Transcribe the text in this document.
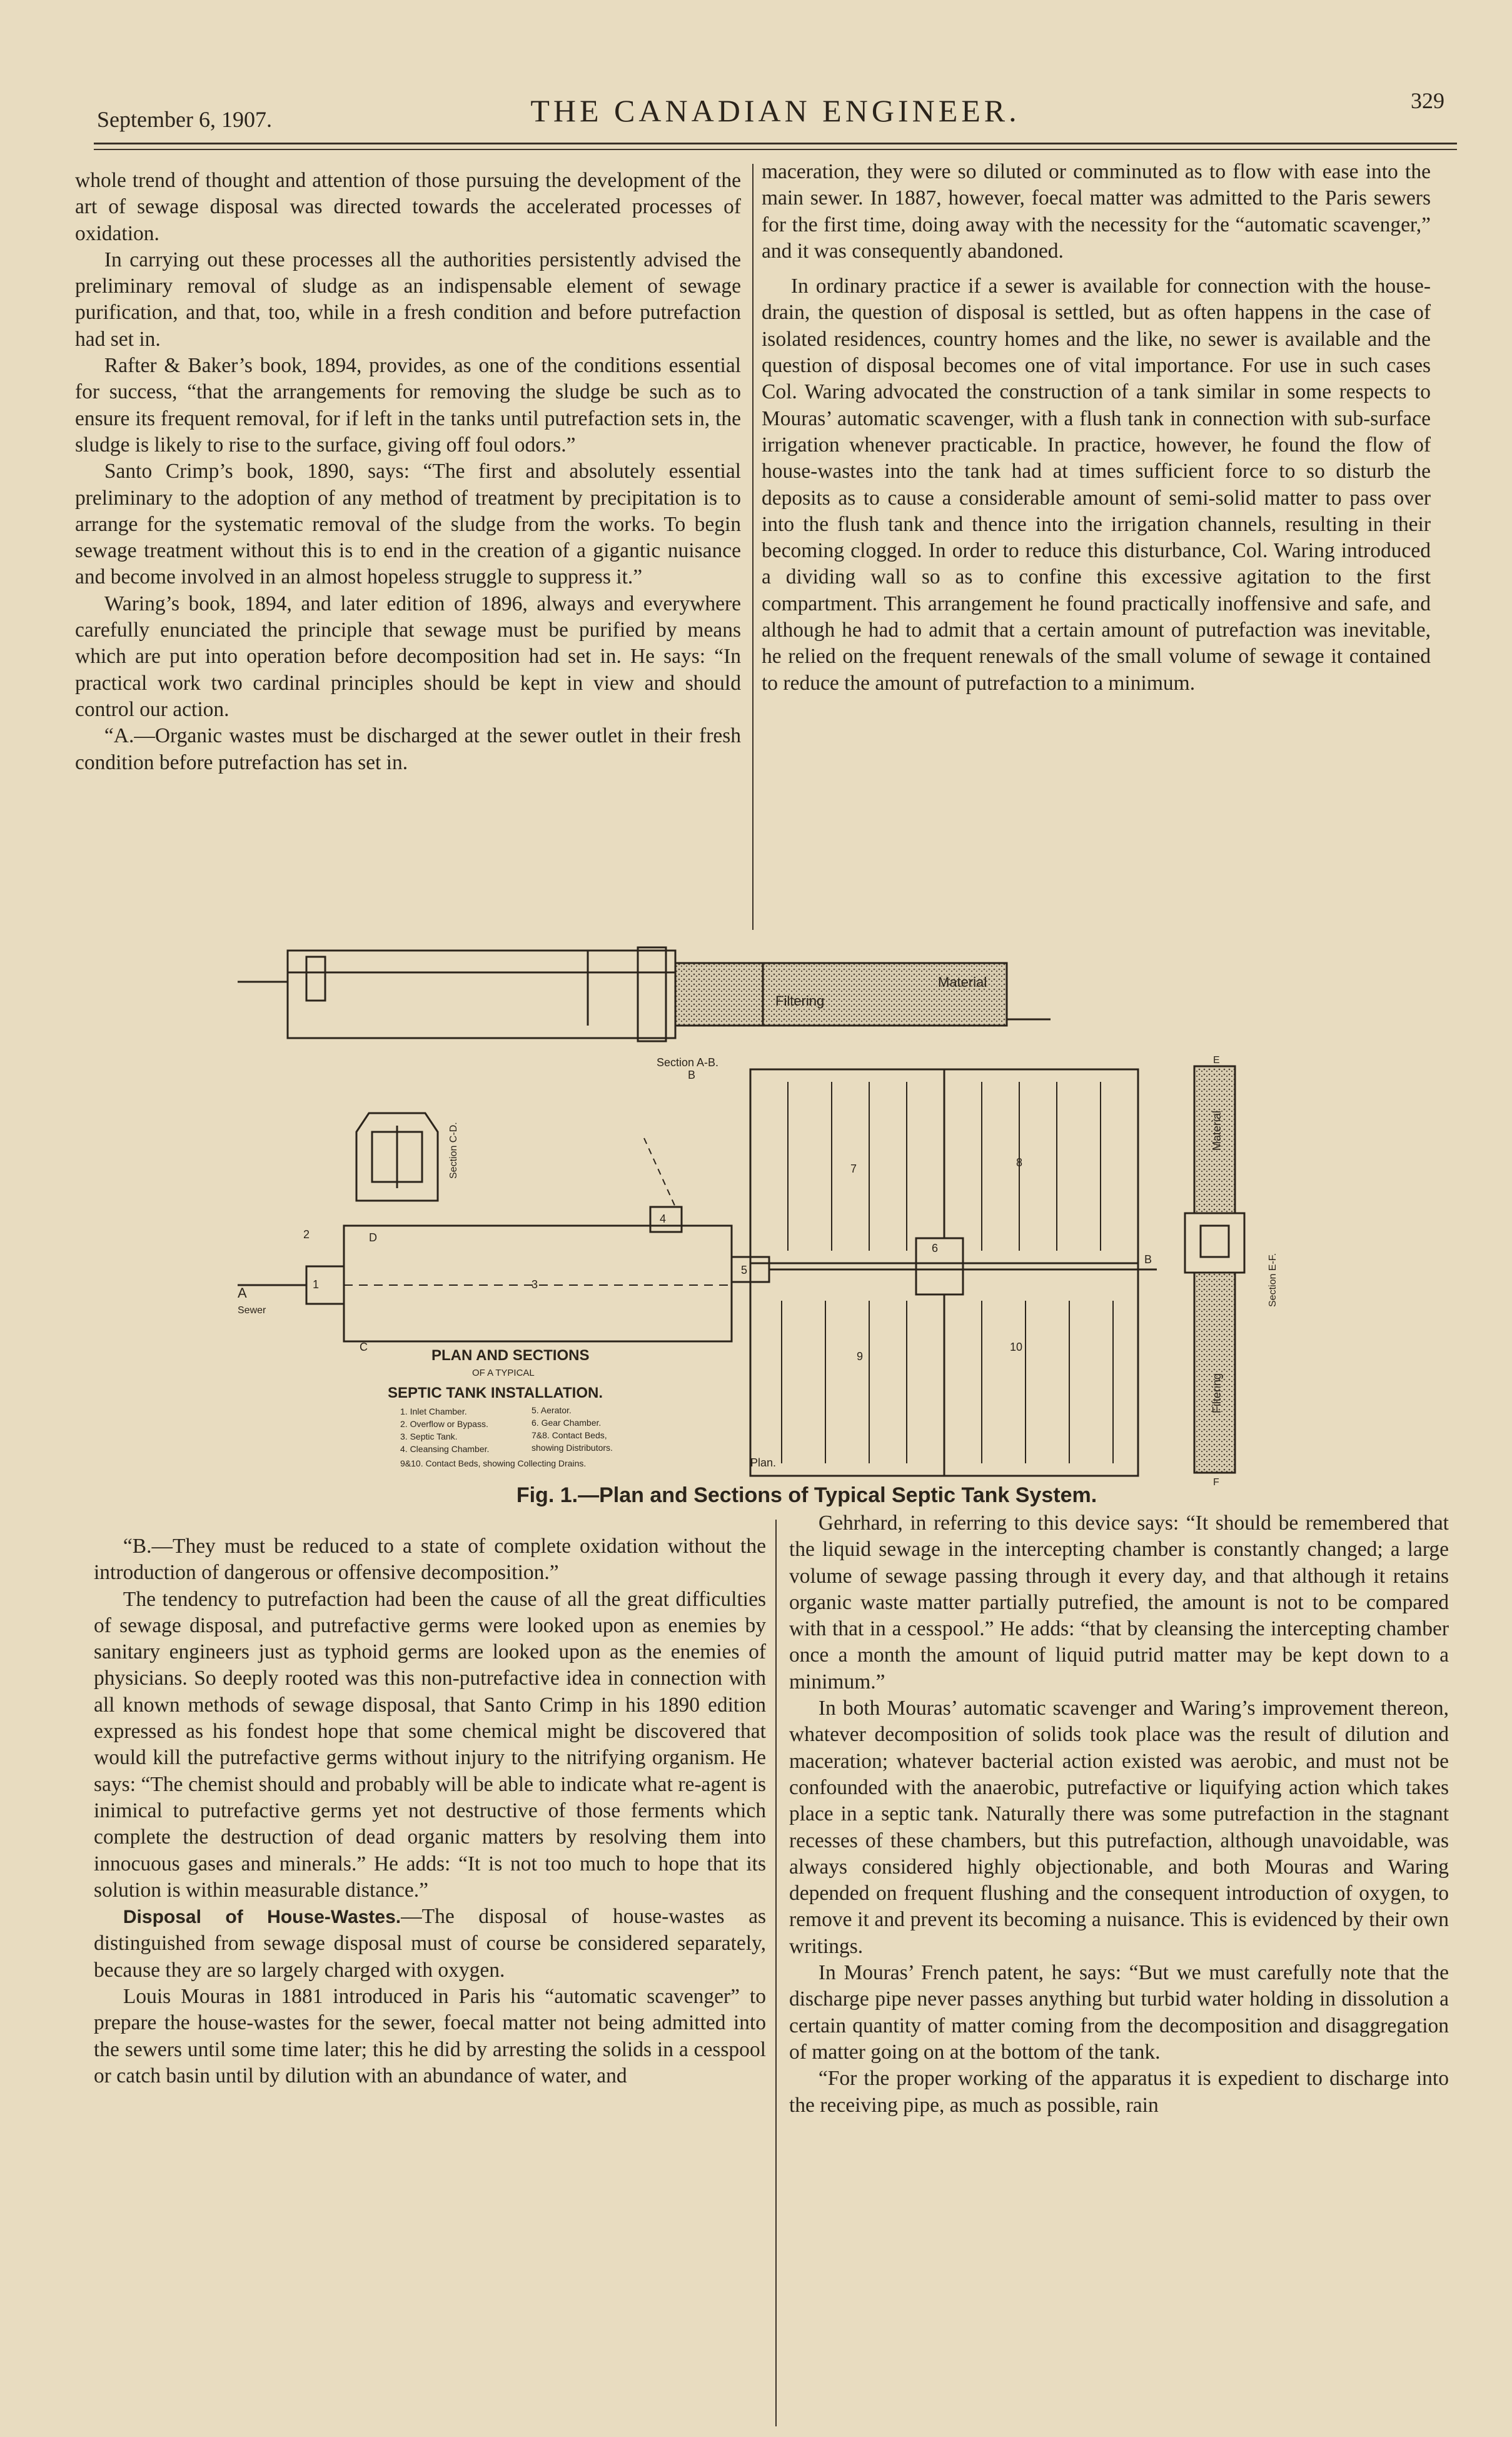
September 6, 1907.	THE CANADIAN ENGINEER.	329

whole trend of thought and attention of those pursuing the development of the art of sewage disposal was directed towards the accelerated processes of oxidation.

In carrying out these processes all the authorities persistently advised the preliminary removal of sludge as an indispensable element of sewage purification, and that, too, while in a fresh condition and before putrefaction had set in.

Rafter & Baker’s book, 1894, provides, as one of the conditions essential for success, “that the arrangements for removing the sludge be such as to ensure its frequent removal, for if left in the tanks until putrefaction sets in, the sludge is likely to rise to the surface, giving off foul odors.”

Santo Crimp’s book, 1890, says: “The first and absolutely essential preliminary to the adoption of any method of treatment by precipitation is to arrange for the systematic removal of the sludge from the works. To begin sewage treatment without this is to end in the creation of a gigantic nuisance and become involved in an almost hopeless struggle to suppress it.”

Waring’s book, 1894, and later edition of 1896, always and everywhere carefully enunciated the principle that sewage must be purified by means which are put into operation before decomposition had set in. He says: “In practical work two cardinal principles should be kept in view and should control our action.

“A.—Organic wastes must be discharged at the sewer outlet in their fresh condition before putrefaction has set in.

maceration, they were so diluted or comminuted as to flow with ease into the main sewer. In 1887, however, foecal matter was admitted to the Paris sewers for the first time, doing away with the necessity for the “automatic scavenger,” and it was consequently abandoned.

In ordinary practice if a sewer is available for connection with the house-drain, the question of disposal is settled, but as often happens in the case of isolated residences, country homes and the like, no sewer is available and the question of disposal becomes one of vital importance. For use in such cases Col. Waring advocated the construction of a tank similar in some respects to Mouras’ automatic scavenger, with a flush tank in connection with sub-surface irrigation whenever practicable. In practice, however, he found the flow of house-wastes into the tank had at times sufficient force to so disturb the deposits as to cause a considerable amount of semi-solid matter to pass over into the flush tank and thence into the irrigation channels, resulting in their becoming clogged. In order to reduce this disturbance, Col. Waring introduced a dividing wall so as to confine this excessive agitation to the first compartment. This arrangement he found practically inoffensive and safe, and although he had to admit that a certain amount of putrefaction was inevitable, he relied on the frequent renewals of the small volume of sewage it contained to reduce the amount of putrefaction to a minimum.

Filtering
Material
Section A-B.
B
Section C-D.
A
Sewer
D
C
1
2
3
4
5
6
7	8
9
10
B
Plan.
Material
Filtering
Section E-F.
E
F
PLAN AND SECTIONS
OF A TYPICAL
SEPTIC TANK INSTALLATION.
1. Inlet Chamber.
2. Overflow or Bypass.
3. Septic Tank.
4. Cleansing Chamber.
5. Aerator.
6. Gear Chamber.
7&8. Contact Beds,
showing Distributors.
9&10. Contact Beds, showing Collecting Drains.
Fig. 1.—Plan and Sections of Typical Septic Tank System.

“B.—They must be reduced to a state of complete oxidation without the introduction of dangerous or offensive decomposition.”

The tendency to putrefaction had been the cause of all the great difficulties of sewage disposal, and putrefactive germs were looked upon as enemies by sanitary engineers just as typhoid germs are looked upon as the enemies of physicians. So deeply rooted was this non-putrefactive idea in connection with all known methods of sewage disposal, that Santo Crimp in his 1890 edition expressed as his fondest hope that some chemical might be discovered that would kill the putrefactive germs without injury to the nitrifying organism. He says: “The chemist should and probably will be able to indicate what re-agent is inimical to putrefactive germs yet not destructive of those ferments which complete the destruction of dead organic matters by resolving them into innocuous gases and minerals.” He adds: “It is not too much to hope that its solution is within measurable distance.”

Disposal of House-Wastes.—The disposal of house-wastes as distinguished from sewage disposal must of course be considered separately, because they are so largely charged with oxygen.

Louis Mouras in 1881 introduced in Paris his “automatic scavenger” to prepare the house-wastes for the sewer, foecal matter not being admitted into the sewers until some time later; this he did by arresting the solids in a cesspool or catch basin until by dilution with an abundance of water, and

Gehrhard, in referring to this device says: “It should be remembered that the liquid sewage in the intercepting chamber is constantly changed; a large volume of sewage passing through it every day, and that although it retains organic waste matter partially putrefied, the amount is not to be compared with that in a cesspool.” He adds: “that by cleansing the intercepting chamber once a month the amount of liquid putrid matter may be kept down to a minimum.”

In both Mouras’ automatic scavenger and Waring’s improvement thereon, whatever decomposition of solids took place was the result of dilution and maceration; whatever bacterial action existed was aerobic, and must not be confounded with the anaerobic, putrefactive or liquifying action which takes place in a septic tank. Naturally there was some putrefaction in the stagnant recesses of these chambers, but this putrefaction, although unavoidable, was always considered highly objectionable, and both Mouras and Waring depended on frequent flushing and the consequent introduction of oxygen, to remove it and prevent its becoming a nuisance. This is evidenced by their own writings.

In Mouras’ French patent, he says: “But we must carefully note that the discharge pipe never passes anything but turbid water holding in dissolution a certain quantity of matter coming from the decomposition and disaggregation of matter going on at the bottom of the tank.

“For the proper working of the apparatus it is expedient to discharge into the receiving pipe, as much as possible, rain
